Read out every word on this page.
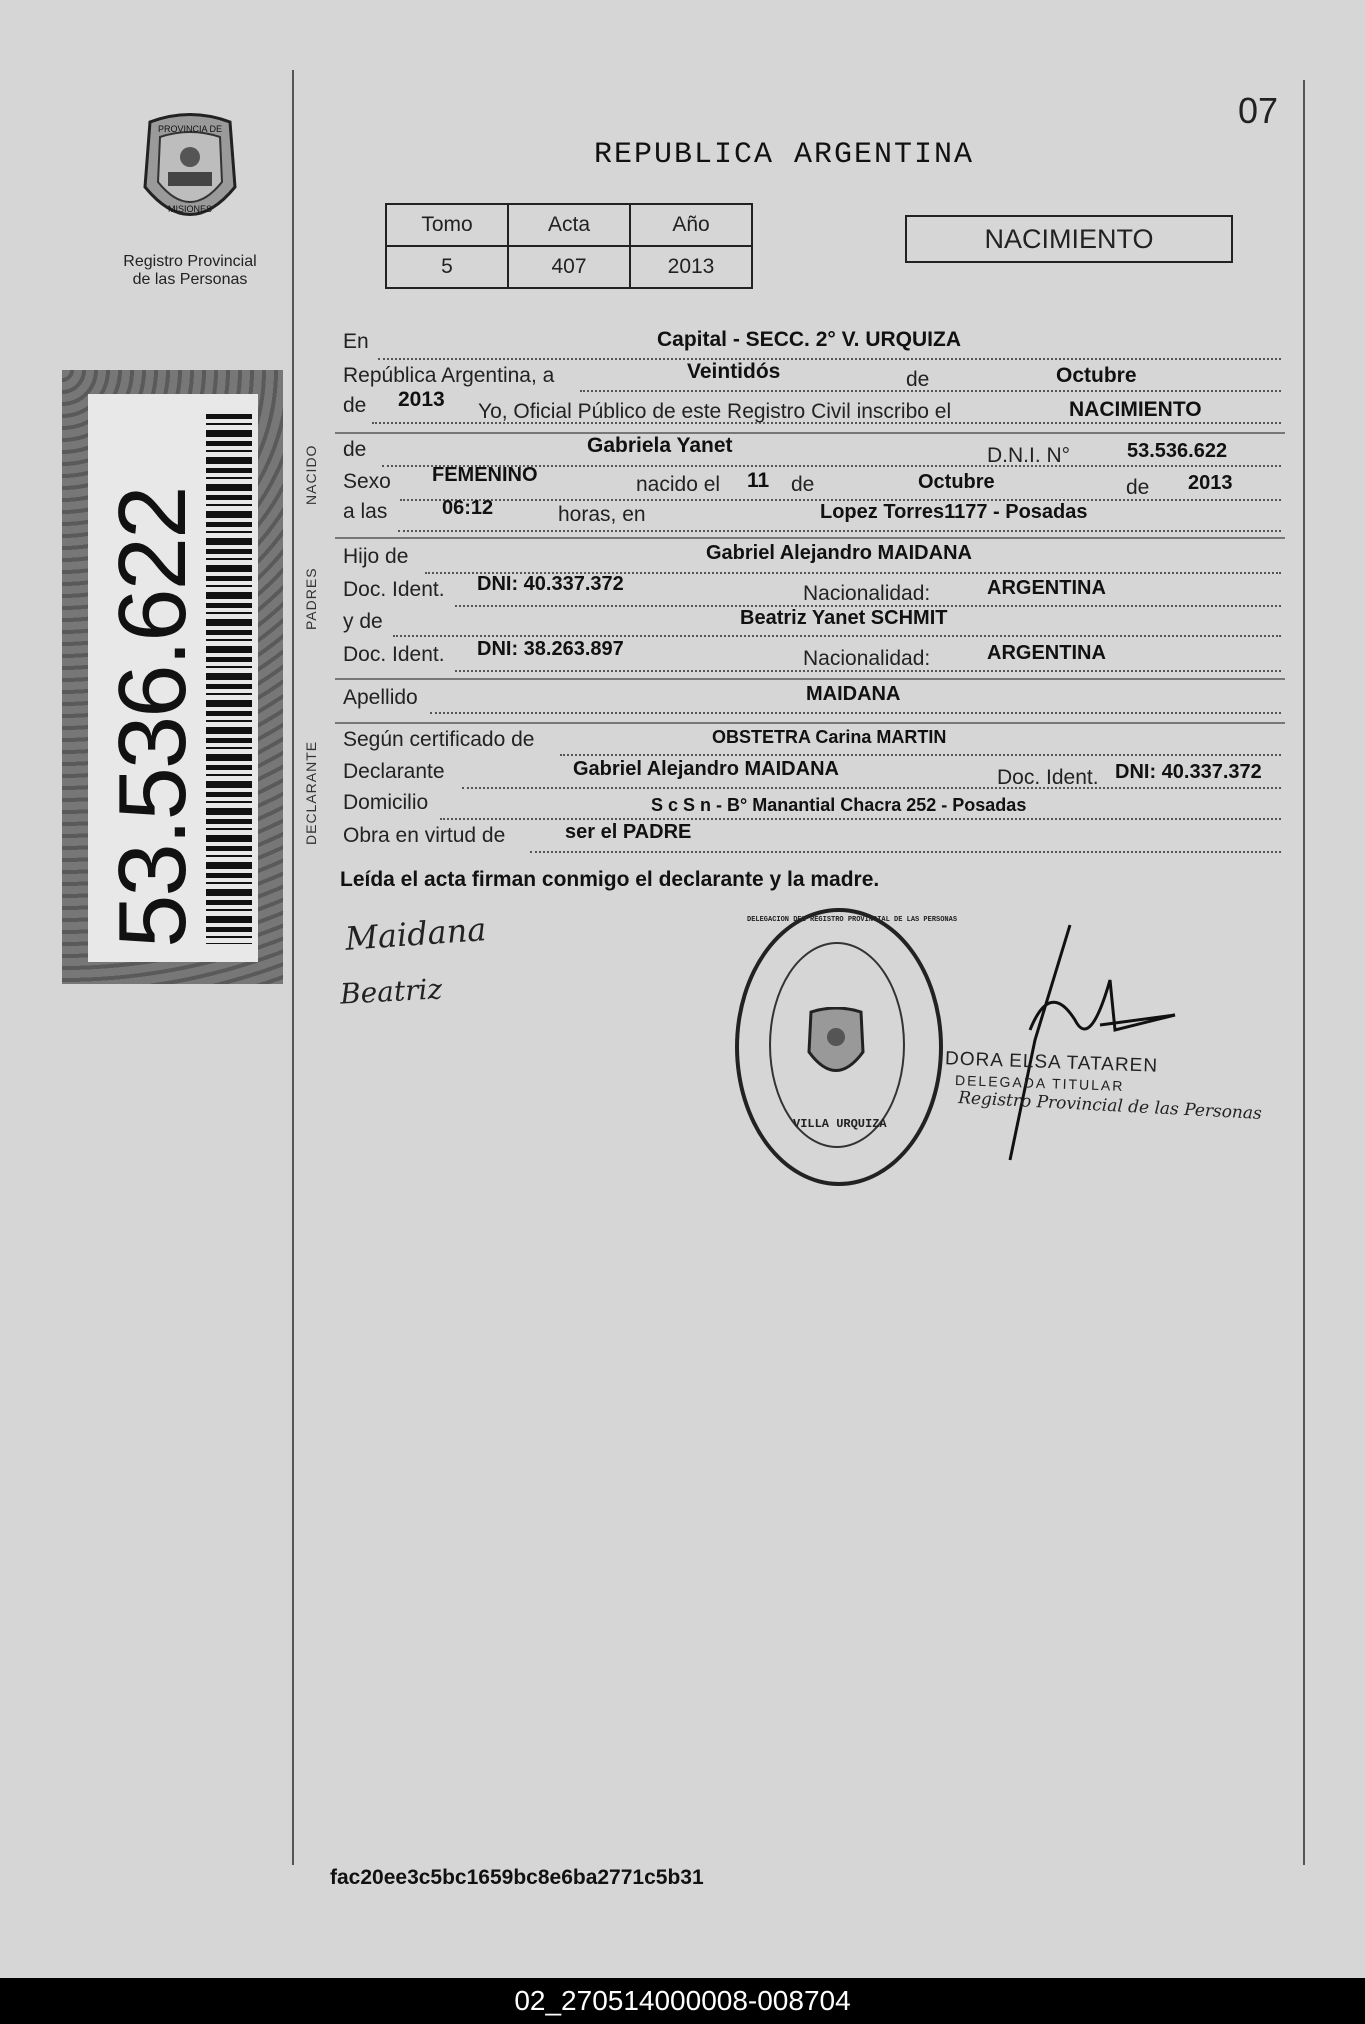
07
PROVINCIA DE
MISIONES
Registro Provincial
de las Personas
REPUBLICA ARGENTINA
Tomo	Acta	Año
5	407	2013
NACIMIENTO
53.536.622
NACIDO
PADRES
DECLARANTE
En	Capital - SECC. 2° V. URQUIZA
República Argentina, a	Veintidós	de	Octubre
de 2013
Yo, Oficial Público de este Registro Civil inscribo el	NACIMIENTO
de	Gabriela Yanet	D.N.I. N°	53.536.622
Sexo FEMENINO	nacido el 11 de	Octubre	de 2013
a las	06:12	horas, en	Lopez Torres1177 - Posadas
Hijo de	Gabriel Alejandro MAIDANA
Doc. Ident. DNI: 40.337.372	Nacionalidad:	ARGENTINA
y de	Beatriz Yanet SCHMIT
Doc. Ident. DNI: 38.263.897	Nacionalidad:	ARGENTINA
Apellido	MAIDANA
Según certificado de	OBSTETRA Carina MARTIN
Declarante	Gabriel Alejandro MAIDANA	Doc. Ident. DNI: 40.337.372
Domicilio	S c S n - B° Manantial Chacra 252 - Posadas
Obra en virtud de	ser el PADRE
Leída el acta firman conmigo el declarante y la madre.
Maidana
Beatriz
DELEGACION DEL REGISTRO PROVINCIAL DE LAS PERSONAS
VILLA URQUIZA
DORA ELSA TATAREN
DELEGADA TITULAR
Registro Provincial de las Personas
fac20ee3c5bc1659bc8e6ba2771c5b31
02_270514000008-008704
